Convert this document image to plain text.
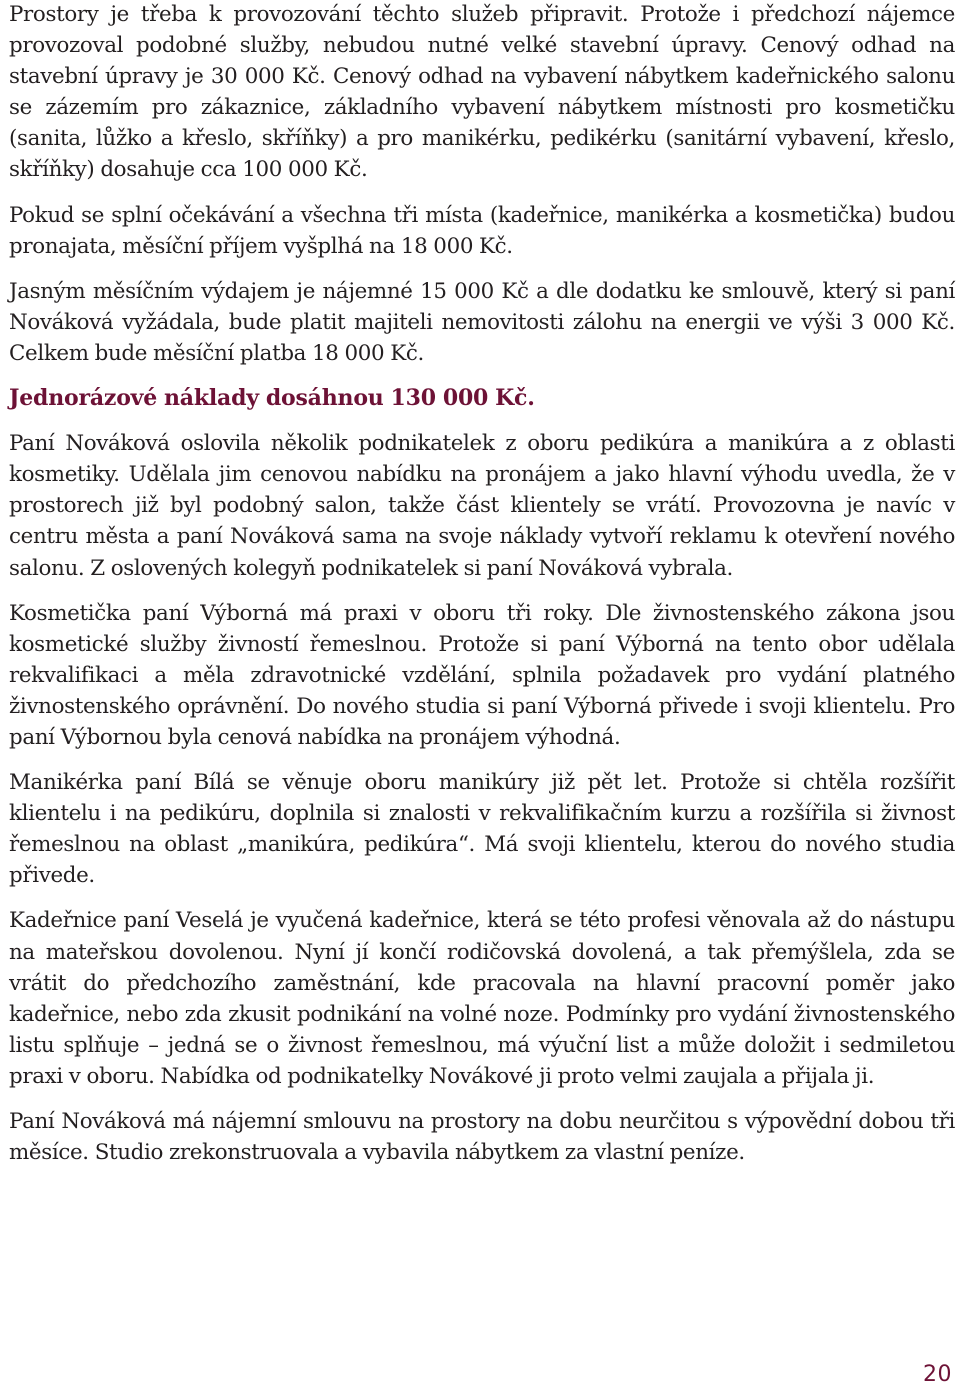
Prostory je třeba k provozování těchto služeb připravit. Protože i předchozí nájemce provozoval podobné služby, nebudou nutné velké stavební úpravy. Cenový odhad na stavební úpravy je 30 000 Kč. Cenový odhad na vybavení nábytkem kadeřnického salonu se zázemím pro zákaznice, základního vybavení nábytkem místnosti pro kosmetičku (sanita, lůžko a křeslo, skříňky) a pro manikérku, pedikérku (sanitární vybavení, křeslo, skříňky) dosahuje cca 100 000 Kč.

Pokud se splní očekávání a všechna tři místa (kadeřnice, manikérka a kosmetička) budou pronajata, měsíční příjem vyšplhá na 18 000 Kč.

Jasným měsíčním výdajem je nájemné 15 000 Kč a dle dodatku ke smlouvě, který si paní Nováková vyžádala, bude platit majiteli nemovitosti zálohu na energii ve výši 3 000 Kč. Celkem bude měsíční platba 18 000 Kč.

Jednorázové náklady dosáhnou 130 000 Kč.

Paní Nováková oslovila několik podnikatelek z oboru pedikúra a manikúra a z oblasti kosmetiky. Udělala jim cenovou nabídku na pronájem a jako hlavní výhodu uvedla, že v prostorech již byl podobný salon, takže část klientely se vrátí. Provozovna je navíc v centru města a paní Nováková sama na svoje náklady vytvoří reklamu k otevření nového salonu. Z oslovených kolegyň podnikatelek si paní Nováková vybrala.

Kosmetička paní Výborná má praxi v oboru tři roky. Dle živnostenského zákona jsou kosmetické služby živností řemeslnou. Protože si paní Výborná na tento obor udělala rekvalifikaci a měla zdravotnické vzdělání, splnila požadavek pro vydání platného živnostenského oprávnění. Do nového studia si paní Výborná přivede i svoji klientelu. Pro paní Výbornou byla cenová nabídka na pronájem výhodná.

Manikérka paní Bílá se věnuje oboru manikúry již pět let. Protože si chtěla rozšířit klientelu i na pedikúru, doplnila si znalosti v rekvalifikačním kurzu a rozšířila si živnost řemeslnou na oblast „manikúra, pedikúra“. Má svoji klientelu, kterou do nového studia přivede.

Kadeřnice paní Veselá je vyučená kadeřnice, která se této profesi věnovala až do nástupu na mateřskou dovolenou. Nyní jí končí rodičovská dovolená, a tak přemýšlela, zda se vrátit do předchozího zaměstnání, kde pracovala na hlavní pracovní poměr jako kadeřnice, nebo zda zkusit podnikání na volné noze. Podmínky pro vydání živnostenského listu splňuje – jedná se o živnost řemeslnou, má výuční list a může doložit i sedmiletou praxi v oboru. Nabídka od podnikatelky Novákové ji proto velmi zaujala a přijala ji.

Paní Nováková má nájemní smlouvu na prostory na dobu neurčitou s výpovědní dobou tři měsíce. Studio zrekonstruovala a vybavila nábytkem za vlastní peníze.

20
